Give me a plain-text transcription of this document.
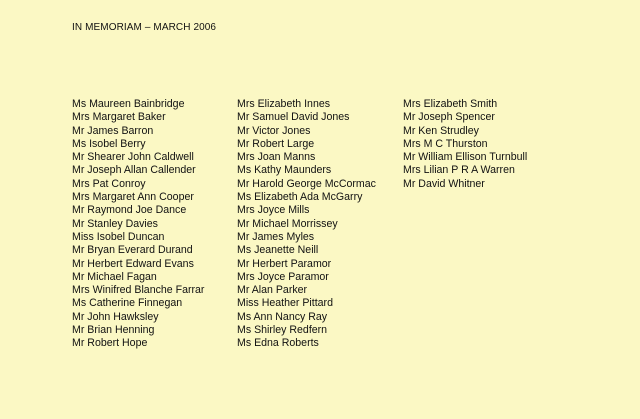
IN MEMORIAM – MARCH 2006
Ms Maureen Bainbridge
Mrs Margaret Baker
Mr James Barron
Ms Isobel Berry
Mr Shearer John Caldwell
Mr Joseph Allan Callender
Mrs Pat Conroy
Mrs Margaret Ann Cooper
Mr Raymond Joe Dance
Mr Stanley Davies
Miss Isobel Duncan
Mr Bryan Everard Durand
Mr Herbert Edward Evans
Mr Michael Fagan
Mrs Winifred Blanche Farrar
Ms Catherine Finnegan
Mr John Hawksley
Mr Brian Henning
Mr Robert Hope
Mrs Elizabeth Innes
Mr Samuel David Jones
Mr Victor Jones
Mr Robert Large
Mrs Joan Manns
Ms Kathy Maunders
Mr Harold George McCormac
Ms Elizabeth Ada McGarry
Mrs Joyce Mills
Mr Michael Morrissey
Mr James Myles
Ms Jeanette Neill
Mr Herbert Paramor
Mrs Joyce Paramor
Mr Alan Parker
Miss Heather Pittard
Ms Ann Nancy Ray
Ms Shirley Redfern
Ms Edna Roberts
Mrs Elizabeth Smith
Mr Joseph Spencer
Mr Ken Strudley
Mrs M C Thurston
Mr William Ellison Turnbull
Mrs Lilian P R A Warren
Mr David Whitner
